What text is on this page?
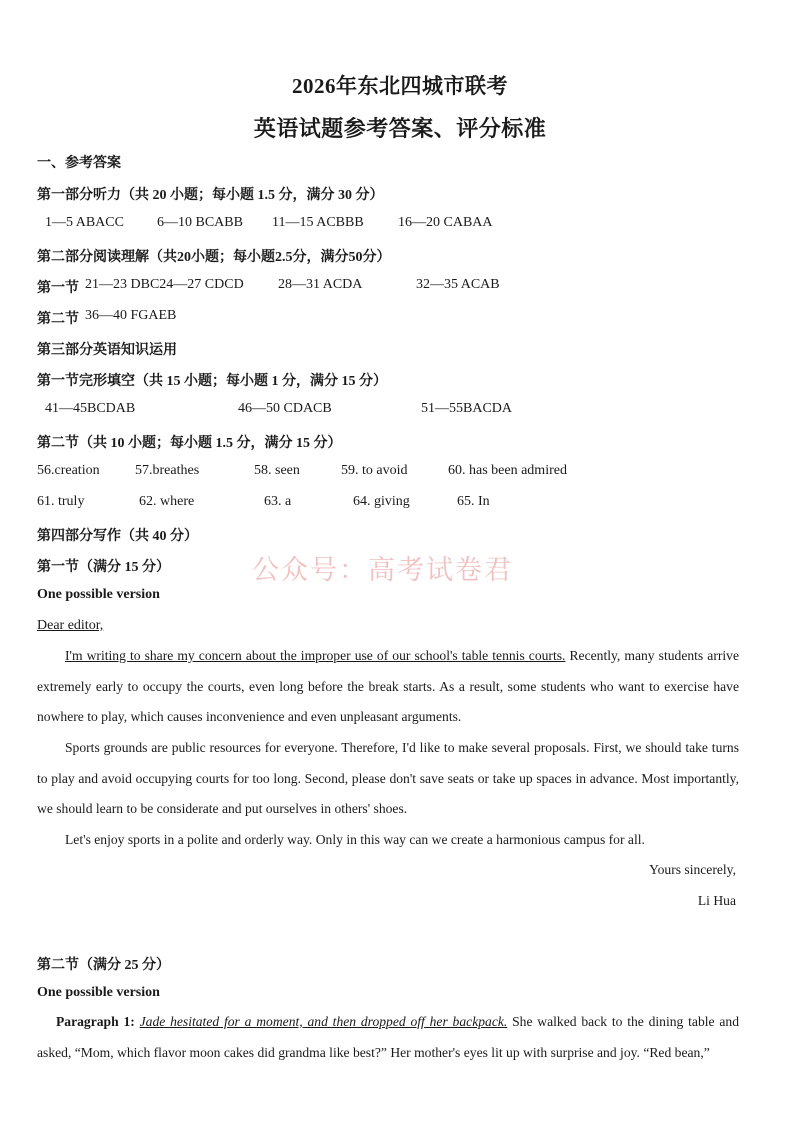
2026年东北四城市联考
英语试题参考答案、评分标准
一、参考答案
第一部分听力（共 20 小题；每小题 1.5 分，满分 30 分）
1—5 ABACC 6—10 BCABB 11—15 ACBBB 16—20 CABAA
第二部分阅读理解（共20小题；每小题2.5分，满分50分）
第一节 21—23 DBC24—27 CDCD 28—31 ACDA	32—35 ACAB
第二节 36—40 FGAEB
第三部分英语知识运用
第一节完形填空（共 15 小题；每小题 1 分，满分 15 分）
41—45BCDAB	46—50 CDACB	51—55BACDA
第二节（共 10 小题；每小题 1.5 分，满分 15 分）
56.creation	57.breathes	58. seen	59. to avoid	60. has been admired
61. truly	62. where	63. a	64. giving	65. In
第四部分写作（共 40 分）
第一节（满分 15 分）	公众号：高考试卷君
One possible version
Dear editor,

I'm writing to share my concern about the improper use of our school's table tennis courts. Recently, many students arrive extremely early to occupy the courts, even long before the break starts. As a result, some students who want to exercise have nowhere to play, which causes inconvenience and even unpleasant arguments.

Sports grounds are public resources for everyone. Therefore, I'd like to make several proposals. First, we should take turns to play and avoid occupying courts for too long. Second, please don't save seats or take up spaces in advance. Most importantly, we should learn to be considerate and put ourselves in others' shoes.

Let's enjoy sports in a polite and orderly way. Only in this way can we create a harmonious campus for all.

Yours sincerely,
Li Hua
第二节（满分 25 分）
One possible version

Paragraph 1: Jade hesitated for a moment, and then dropped off her backpack. She walked back to the dining table and asked, “Mom, which flavor moon cakes did grandma like best?” Her mother's eyes lit up with surprise and joy. “Red bean,”
